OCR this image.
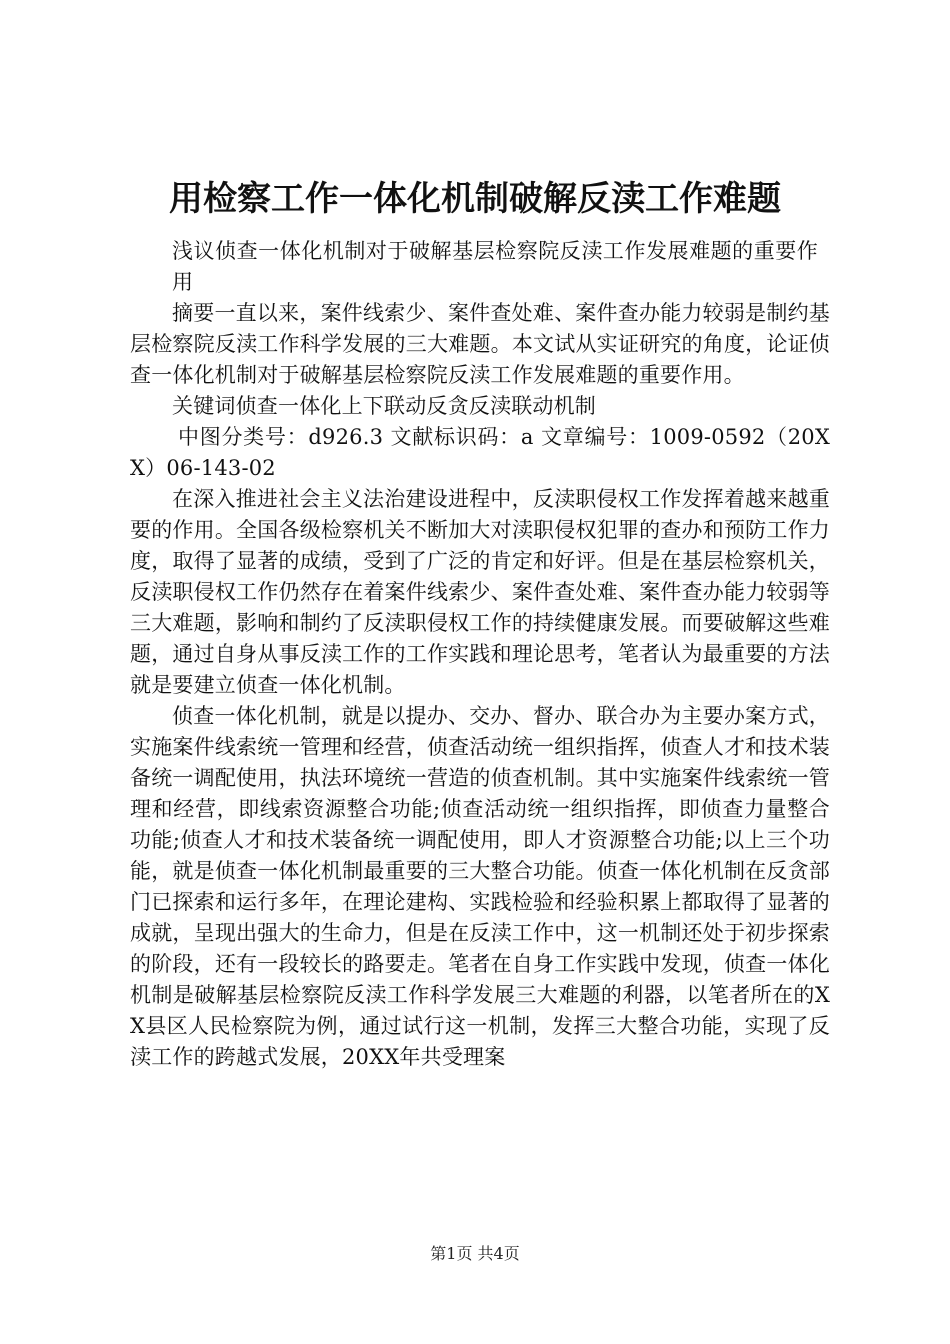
用检察工作一体化机制破解反渎工作难题

浅议侦查一体化机制对于破解基层检察院反渎工作发展难题的重要作用

摘要一直以来，案件线索少、案件查处难、案件查办能力较弱是制约基层检察院反渎工作科学发展的三大难题。本文试从实证研究的角度，论证侦查一体化机制对于破解基层检察院反渎工作发展难题的重要作用。

关键词侦查一体化上下联动反贪反渎联动机制

中图分类号：d926.3 文献标识码：a 文章编号：1009-0592（20XX）06-143-02

在深入推进社会主义法治建设进程中，反渎职侵权工作发挥着越来越重要的作用。全国各级检察机关不断加大对渎职侵权犯罪的查办和预防工作力度，取得了显著的成绩，受到了广泛的肯定和好评。但是在基层检察机关，反渎职侵权工作仍然存在着案件线索少、案件查处难、案件查办能力较弱等三大难题，影响和制约了反渎职侵权工作的持续健康发展。而要破解这些难题，通过自身从事反渎工作的工作实践和理论思考，笔者认为最重要的方法就是要建立侦查一体化机制。

侦查一体化机制，就是以提办、交办、督办、联合办为主要办案方式，实施案件线索统一管理和经营，侦查活动统一组织指挥，侦查人才和技术装备统一调配使用，执法环境统一营造的侦查机制。其中实施案件线索统一管理和经营，即线索资源整合功能;侦查活动统一组织指挥，即侦查力量整合功能;侦查人才和技术装备统一调配使用，即人才资源整合功能;以上三个功能，就是侦查一体化机制最重要的三大整合功能。侦查一体化机制在反贪部门已探索和运行多年，在理论建构、实践检验和经验积累上都取得了显著的成就，呈现出强大的生命力，但是在反渎工作中，这一机制还处于初步探索的阶段，还有一段较长的路要走。笔者在自身工作实践中发现，侦查一体化机制是破解基层检察院反渎工作科学发展三大难题的利器，以笔者所在的XX县区人民检察院为例，通过试行这一机制，发挥三大整合功能，实现了反渎工作的跨越式发展，20XX年共受理案

第1页 共4页
